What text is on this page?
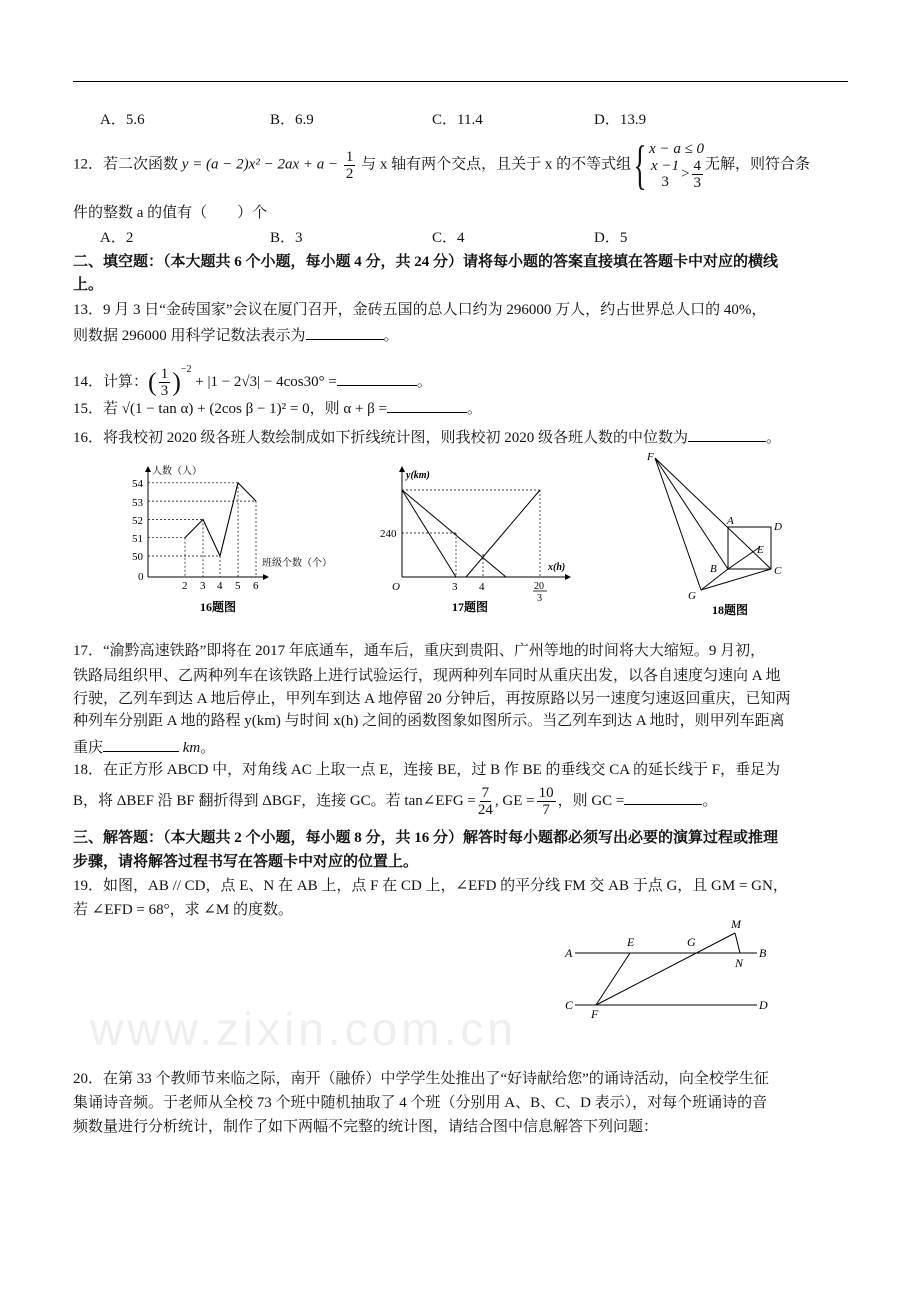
www.zixin.com.cn
A．5.6	B．6.9	C．11.4	D．13.9
12．若二次函数 $y = (a - 2)x^2 - 2ax + a - \frac{1}{2}$ 与 x 轴有两个交点，且关于 x 的不等式组{ x − a ≤ 0
x −1
3
> $\frac{4}{3}$ 无解，则符合条
件的整数 a 的值有（　　）个
A．2	B．3	C．4	D．5
二、填空题：（本大题共 6 个小题，每小题 4 分，共 24 分）请将每小题的答案直接填在答题卡中对应的横线
上。
13．9 月 3 日“金砖国家”会议在厦门召开，金砖五国的总人口约为 296000 万人，约占世界总人口的 40%，
则数据 296000 用科学记数法表示为	。
14．计算：( $\frac{1}{3} )^{-2} + |1 - 2√3| - 4\cos 30^\circ$ =	。
15．若 √(1 − tan α) + (2cos β − 1)² = 0，则 α + β =	。
16．将我校初 2020 级各班人数绘制成如下折线统计图，则我校初 2020 级各班人数的中位数为	。
人数（人）
班级个数（个）
54
53
52
51
50
0
2 3 4 5 6
16题图
y(km)
x(h)
O
240
3 4	20
3
17题图
F
A	D
E
B	C
G
18题图
A
E	G
M
B
N
C
F
D
17．“渝黔高速铁路”即将在 2017 年底通车，通车后，重庆到贵阳、广州等地的时间将大大缩短。9 月初，
铁路局组织甲、乙两种列车在该铁路上进行试验运行，现两种列车同时从重庆出发，以各自速度匀速向 A 地
行驶，乙列车到达 A 地后停止，甲列车到达 A 地停留 20 分钟后，再按原路以另一速度匀速返回重庆，已知两
种列车分别距 A 地的路程 y(km) 与时间 x(h) 之间的函数图象如图所示。当乙列车到达 A 地时，则甲列车距离
重庆	km。
18．在正方形 ABCD 中，对角线 AC 上取一点 E，连接 BE，过 B 作 BE 的垂线交 CA 的延长线于 F，垂足为
B，将 ΔBEF 沿 BF 翻折得到 ΔBGF，连接 GC。若 tan∠EFG = $\frac{7}{24}$ , GE = $\frac{10}{7}$ ，则 GC =	。
三、解答题：（本大题共 2 个小题，每小题 8 分，共 16 分）解答时每小题都必须写出必要的演算过程或推理
步骤，请将解答过程书写在答题卡中对应的位置上。
19．如图，AB // CD，点 E、N 在 AB 上，点 F 在 CD 上，∠EFD 的平分线 FM 交 AB 于点 G，且 GM = GN，
若 ∠EFD = 68°，求 ∠M 的度数。
20．在第 33 个教师节来临之际，南开（融侨）中学学生处推出了“好诗献给您”的诵诗活动，向全校学生征
集诵诗音频。于老师从全校 73 个班中随机抽取了 4 个班（分别用 A、B、C、D 表示），对每个班诵诗的音
频数量进行分析统计，制作了如下两幅不完整的统计图，请结合图中信息解答下列问题：
